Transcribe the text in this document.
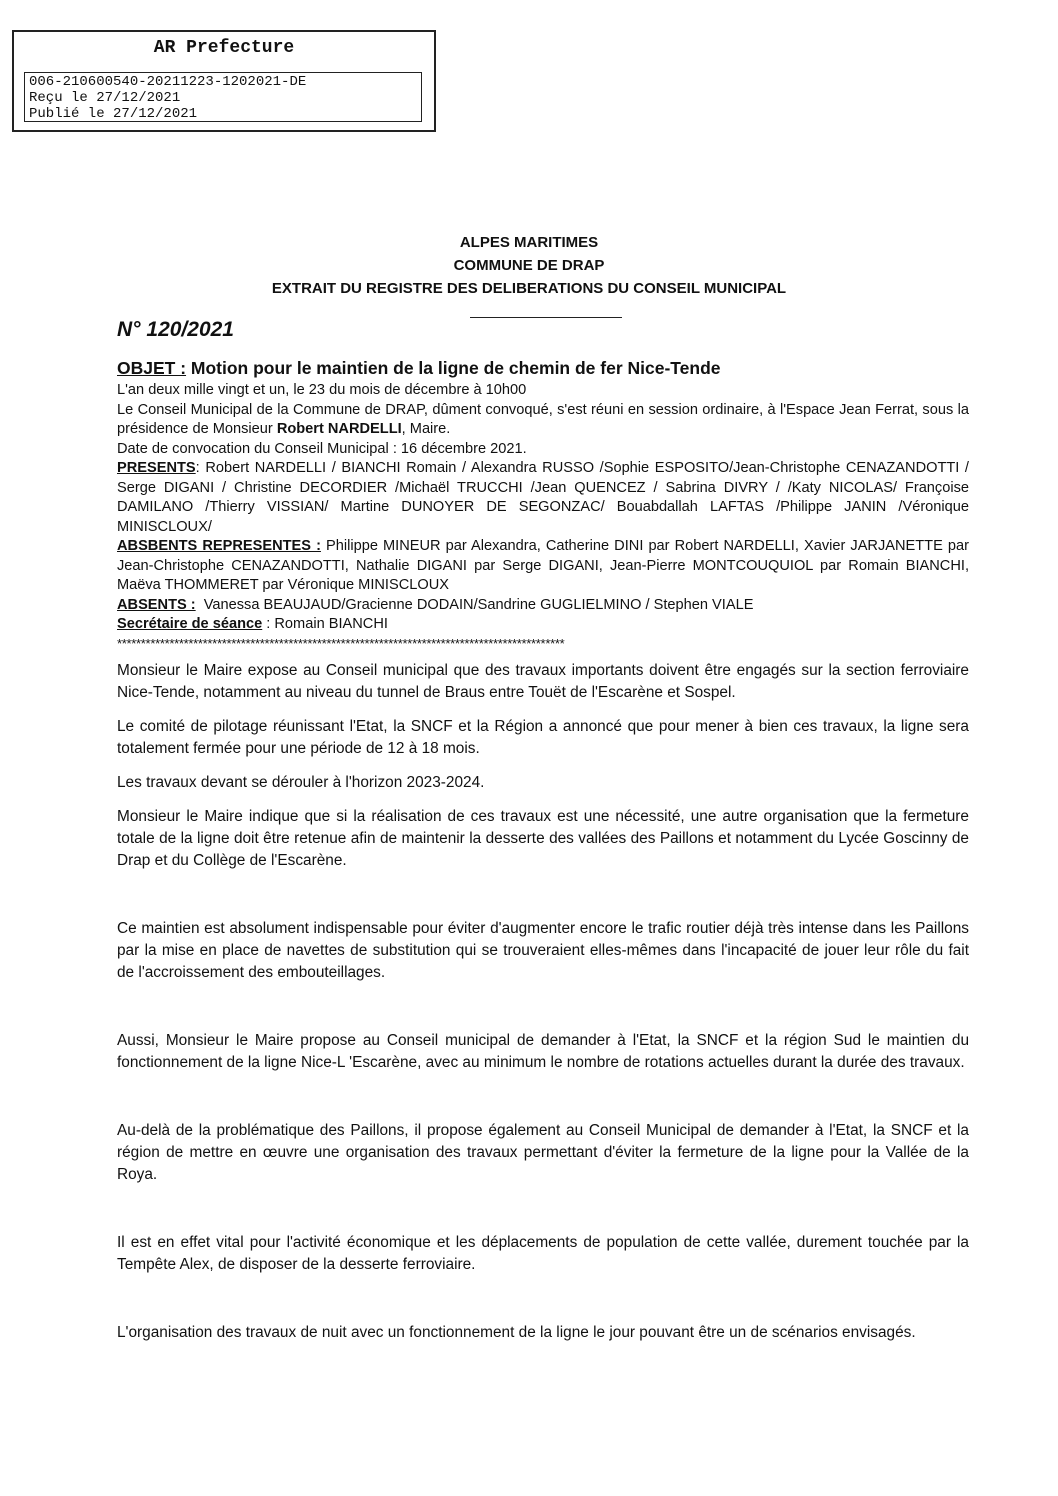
AR Prefecture
006-210600540-20211223-1202021-DE
Reçu le 27/12/2021
Publié le 27/12/2021
ALPES MARITIMES
COMMUNE DE DRAP
EXTRAIT DU REGISTRE DES DELIBERATIONS DU CONSEIL MUNICIPAL
N° 120/2021

OBJET : Motion pour le maintien de la ligne de chemin de fer Nice-Tende

L'an deux mille vingt et un, le 23 du mois de décembre à 10h00

Le Conseil Municipal de la Commune de DRAP, dûment convoqué, s'est réuni en session ordinaire, à l'Espace Jean Ferrat, sous la présidence de Monsieur Robert NARDELLI, Maire.

Date de convocation du Conseil Municipal : 16 décembre 2021.

PRESENTS: Robert NARDELLI / BIANCHI Romain / Alexandra RUSSO /Sophie ESPOSITO/Jean-Christophe CENAZANDOTTI / Serge DIGANI / Christine DECORDIER /Michaël TRUCCHI /Jean QUENCEZ / Sabrina DIVRY / /Katy NICOLAS/ Françoise DAMILANO /Thierry VISSIAN/ Martine DUNOYER DE SEGONZAC/ Bouabdallah LAFTAS /Philippe JANIN /Véronique MINISCLOUX/

ABSBENTS REPRESENTES : Philippe MINEUR par Alexandra, Catherine DINI par Robert NARDELLI, Xavier JARJANETTE par Jean-Christophe CENAZANDOTTI, Nathalie DIGANI par Serge DIGANI, Jean-Pierre MONTCOUQUIOL par Romain BIANCHI, Maëva THOMMERET par Véronique MINISCLOUX

ABSENTS :  Vanessa BEAUJAUD/Gracienne DODAIN/Sandrine GUGLIELMINO / Stephen VIALE

Secrétaire de séance : Romain BIANCHI

**********************************************************************************************

Monsieur le Maire expose au Conseil municipal que des travaux importants doivent être engagés sur la section ferroviaire Nice-Tende, notamment au niveau du tunnel de Braus entre Touët de l'Escarène et Sospel.

Le comité de pilotage réunissant l'Etat, la SNCF et la Région a annoncé que pour mener à bien ces travaux, la ligne sera totalement fermée pour une période de 12 à 18 mois.

Les travaux devant se dérouler à l'horizon 2023-2024.

Monsieur le Maire indique que si la réalisation de ces travaux est une nécessité, une autre organisation que la fermeture totale de la ligne doit être retenue afin de maintenir la desserte des vallées des Paillons et notamment du Lycée Goscinny de Drap et du Collège de l'Escarène.

Ce maintien est absolument indispensable pour éviter d'augmenter encore le trafic routier déjà très intense dans les Paillons par la mise en place de navettes de substitution qui se trouveraient elles-mêmes dans l'incapacité de jouer leur rôle du fait de l'accroissement des embouteillages.

Aussi, Monsieur le Maire propose au Conseil municipal de demander à l'Etat, la SNCF et la région Sud le maintien du fonctionnement de la ligne Nice-L 'Escarène, avec au minimum le nombre de rotations actuelles durant la durée des travaux.

Au-delà de la problématique des Paillons, il propose également au Conseil Municipal de demander à l'Etat, la SNCF et la région de mettre en œuvre une organisation des travaux permettant d'éviter la fermeture de la ligne pour la Vallée de la Roya.

Il est en effet vital pour l'activité économique et les déplacements de population de cette vallée, durement touchée par la Tempête Alex, de disposer de la desserte ferroviaire.

L'organisation des travaux de nuit avec un fonctionnement de la ligne le jour pouvant être un de scénarios envisagés.
